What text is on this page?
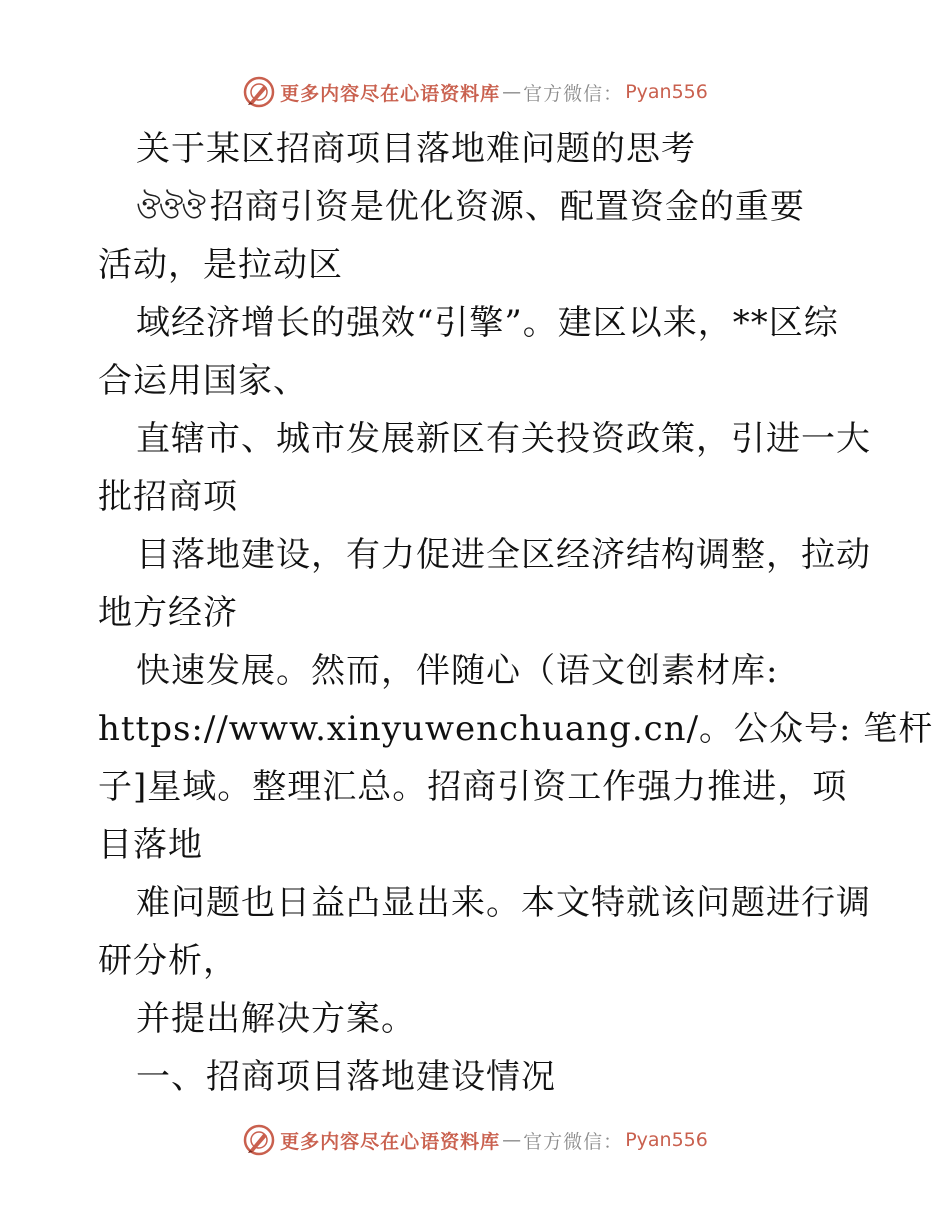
更多内容尽在心语资料库 — 官方微信： Pyan556
关于某区招商项目落地难问题的思考
ঔঔঔ 招商引资是优化资源、配置资金的重要
活动，是拉动区
域经济增长的强效“引擎”。建区以来，**区综
合运用国家、
直辖市、城市发展新区有关投资政策，引进一大
批招商项
目落地建设，有力促进全区经济结构调整，拉动
地方经济
快速发展。然而，伴随心（语文创素材库:
https://www.xinyuwenchuang.cn/。公众号: 笔杆
子]星域。整理汇总。招商引资工作强力推进，项
目落地
难问题也日益凸显出来。本文特就该问题进行调
研分析，
并提出解决方案。
一、招商项目落地建设情况
更多内容尽在心语资料库 — 官方微信： Pyan556
